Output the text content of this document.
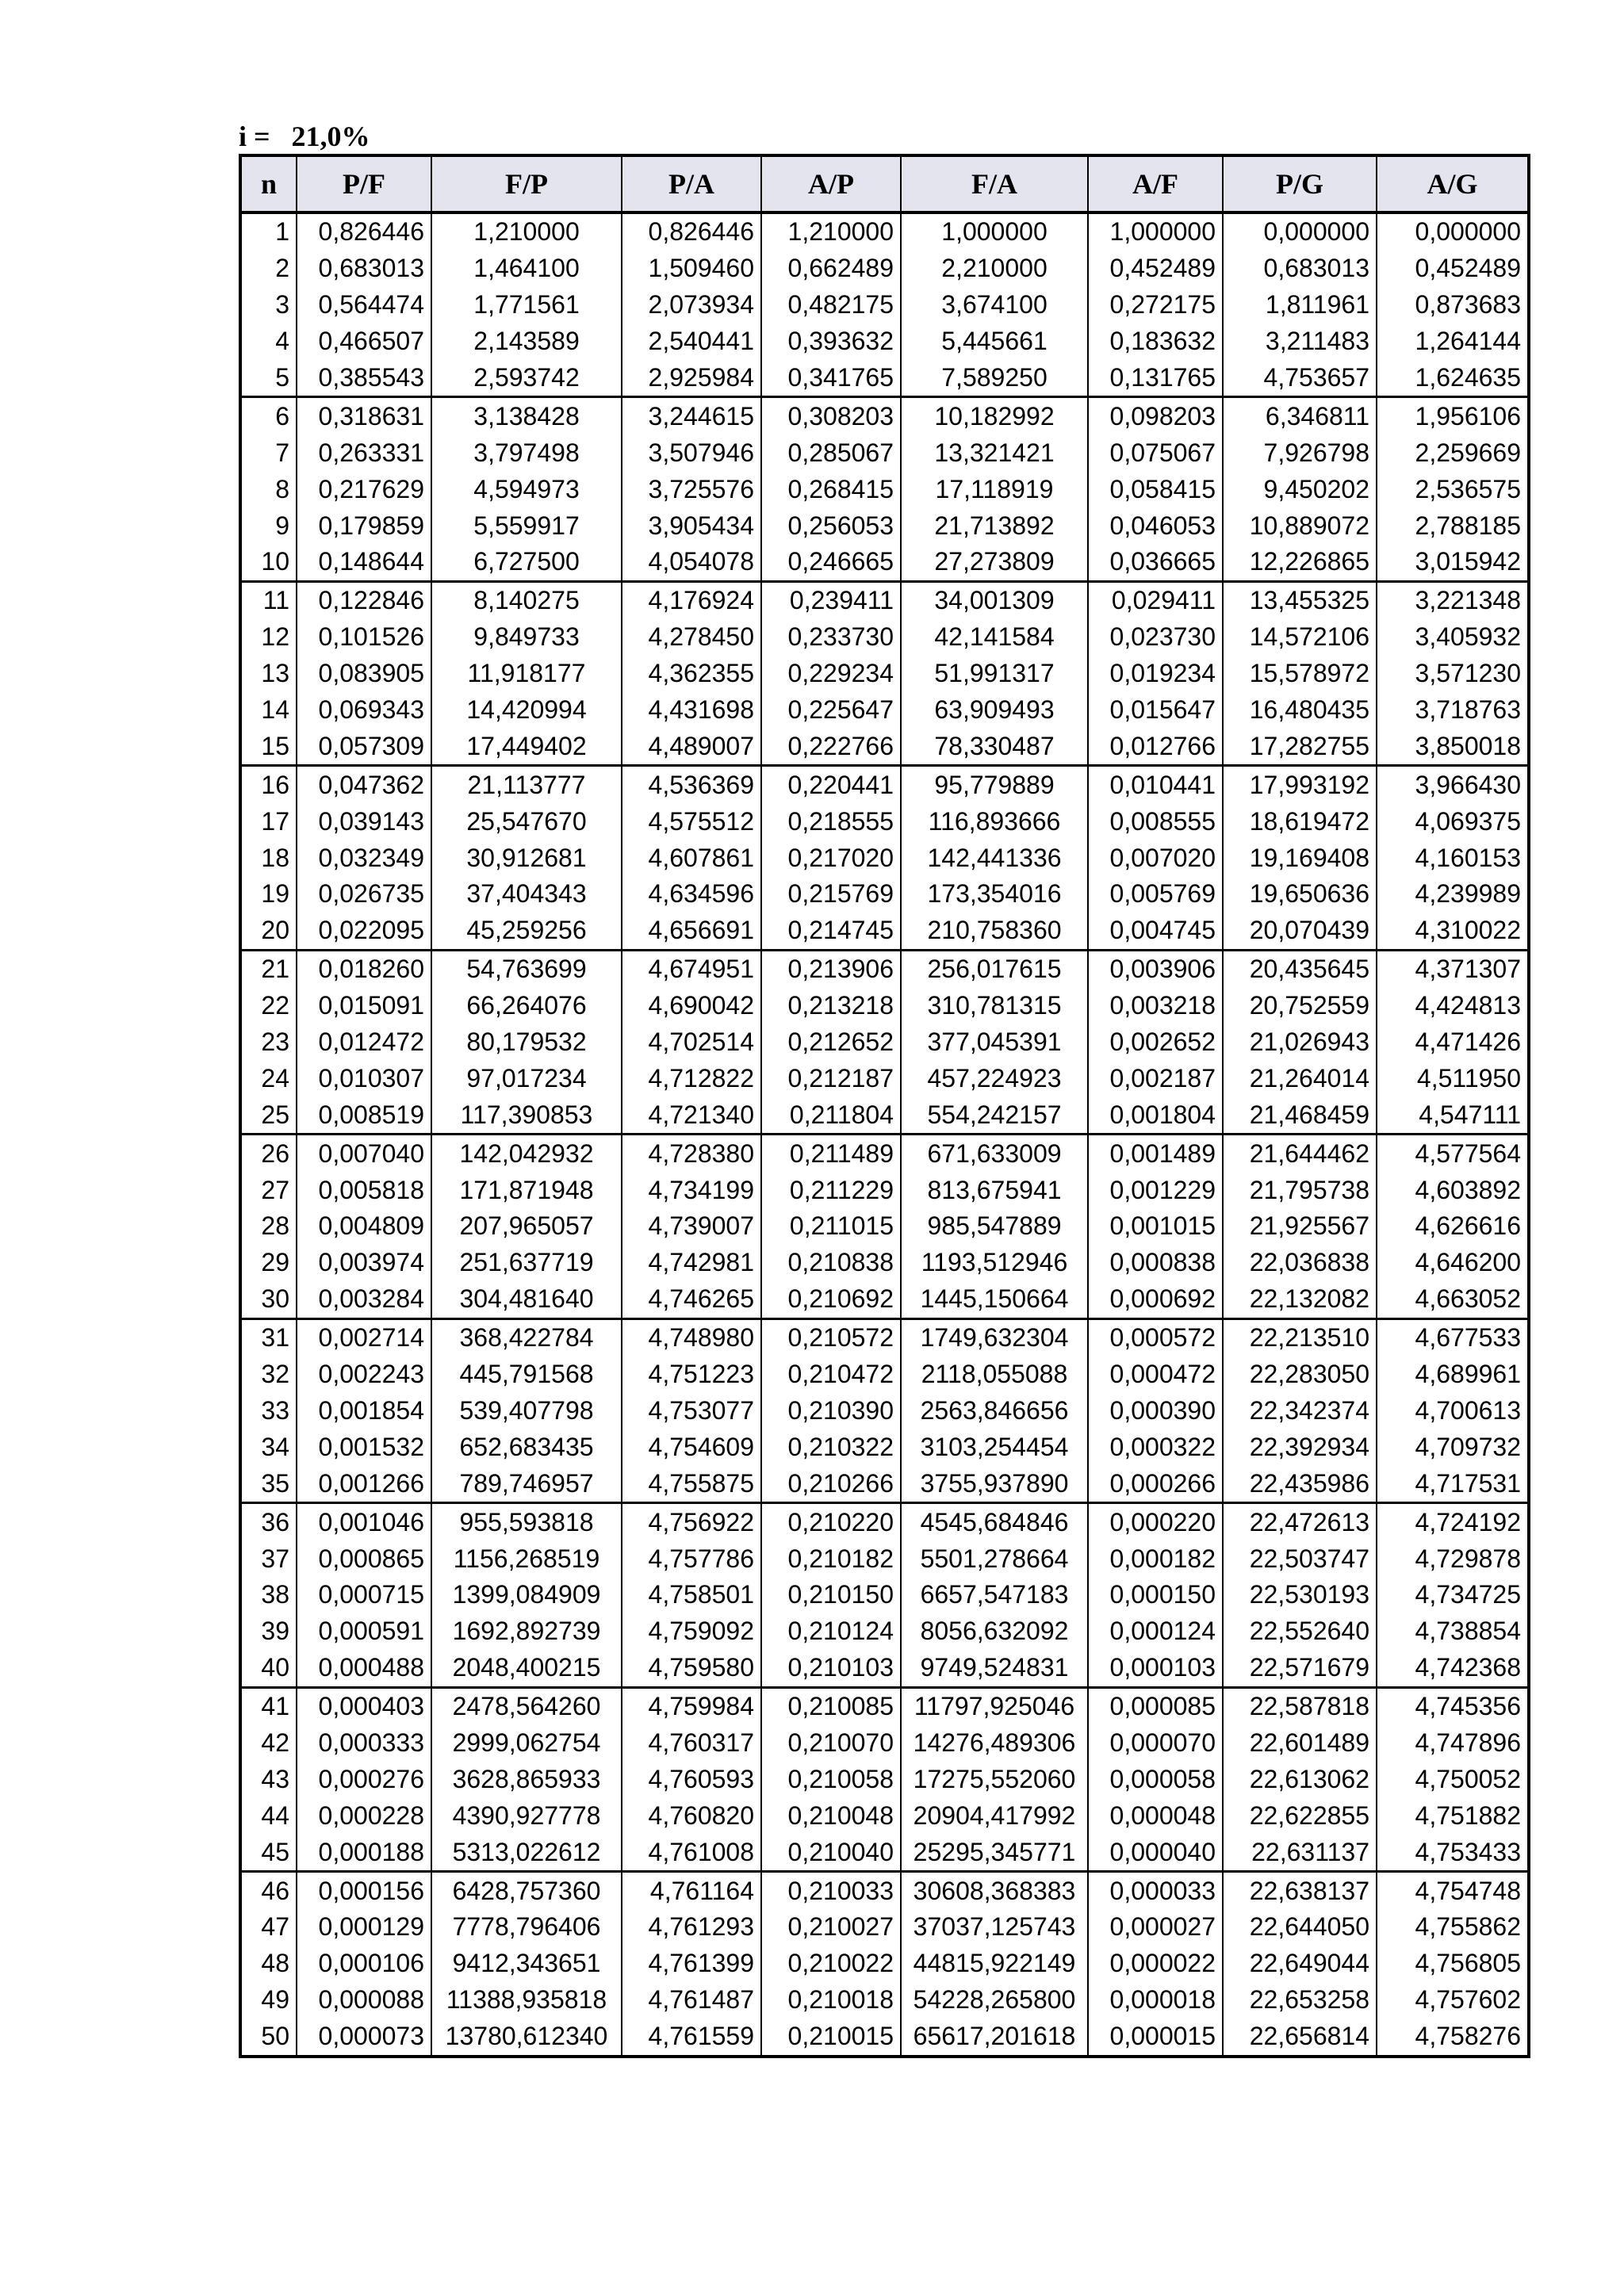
i = 21,0%
n	P/F	F/P	P/A	A/P	F/A	A/F	P/G	A/G
1	0,826446	1,210000	0,826446	1,210000	1,000000	1,000000	0,000000	0,000000
2	0,683013	1,464100	1,509460	0,662489	2,210000	0,452489	0,683013	0,452489
3	0,564474	1,771561	2,073934	0,482175	3,674100	0,272175	1,811961	0,873683
4	0,466507	2,143589	2,540441	0,393632	5,445661	0,183632	3,211483	1,264144
5	0,385543	2,593742	2,925984	0,341765	7,589250	0,131765	4,753657	1,624635
6	0,318631	3,138428	3,244615	0,308203	10,182992	0,098203	6,346811	1,956106
7	0,263331	3,797498	3,507946	0,285067	13,321421	0,075067	7,926798	2,259669
8	0,217629	4,594973	3,725576	0,268415	17,118919	0,058415	9,450202	2,536575
9	0,179859	5,559917	3,905434	0,256053	21,713892	0,046053	10,889072	2,788185
10	0,148644	6,727500	4,054078	0,246665	27,273809	0,036665	12,226865	3,015942
11	0,122846	8,140275	4,176924	0,239411	34,001309	0,029411	13,455325	3,221348
12	0,101526	9,849733	4,278450	0,233730	42,141584	0,023730	14,572106	3,405932
13	0,083905	11,918177	4,362355	0,229234	51,991317	0,019234	15,578972	3,571230
14	0,069343	14,420994	4,431698	0,225647	63,909493	0,015647	16,480435	3,718763
15	0,057309	17,449402	4,489007	0,222766	78,330487	0,012766	17,282755	3,850018
16	0,047362	21,113777	4,536369	0,220441	95,779889	0,010441	17,993192	3,966430
17	0,039143	25,547670	4,575512	0,218555	116,893666	0,008555	18,619472	4,069375
18	0,032349	30,912681	4,607861	0,217020	142,441336	0,007020	19,169408	4,160153
19	0,026735	37,404343	4,634596	0,215769	173,354016	0,005769	19,650636	4,239989
20	0,022095	45,259256	4,656691	0,214745	210,758360	0,004745	20,070439	4,310022
21	0,018260	54,763699	4,674951	0,213906	256,017615	0,003906	20,435645	4,371307
22	0,015091	66,264076	4,690042	0,213218	310,781315	0,003218	20,752559	4,424813
23	0,012472	80,179532	4,702514	0,212652	377,045391	0,002652	21,026943	4,471426
24	0,010307	97,017234	4,712822	0,212187	457,224923	0,002187	21,264014	4,511950
25	0,008519	117,390853	4,721340	0,211804	554,242157	0,001804	21,468459	4,547111
26	0,007040	142,042932	4,728380	0,211489	671,633009	0,001489	21,644462	4,577564
27	0,005818	171,871948	4,734199	0,211229	813,675941	0,001229	21,795738	4,603892
28	0,004809	207,965057	4,739007	0,211015	985,547889	0,001015	21,925567	4,626616
29	0,003974	251,637719	4,742981	0,210838	1193,512946	0,000838	22,036838	4,646200
30	0,003284	304,481640	4,746265	0,210692	1445,150664	0,000692	22,132082	4,663052
31	0,002714	368,422784	4,748980	0,210572	1749,632304	0,000572	22,213510	4,677533
32	0,002243	445,791568	4,751223	0,210472	2118,055088	0,000472	22,283050	4,689961
33	0,001854	539,407798	4,753077	0,210390	2563,846656	0,000390	22,342374	4,700613
34	0,001532	652,683435	4,754609	0,210322	3103,254454	0,000322	22,392934	4,709732
35	0,001266	789,746957	4,755875	0,210266	3755,937890	0,000266	22,435986	4,717531
36	0,001046	955,593818	4,756922	0,210220	4545,684846	0,000220	22,472613	4,724192
37	0,000865	1156,268519	4,757786	0,210182	5501,278664	0,000182	22,503747	4,729878
38	0,000715	1399,084909	4,758501	0,210150	6657,547183	0,000150	22,530193	4,734725
39	0,000591	1692,892739	4,759092	0,210124	8056,632092	0,000124	22,552640	4,738854
40	0,000488	2048,400215	4,759580	0,210103	9749,524831	0,000103	22,571679	4,742368
41	0,000403	2478,564260	4,759984	0,210085	11797,925046	0,000085	22,587818	4,745356
42	0,000333	2999,062754	4,760317	0,210070	14276,489306	0,000070	22,601489	4,747896
43	0,000276	3628,865933	4,760593	0,210058	17275,552060	0,000058	22,613062	4,750052
44	0,000228	4390,927778	4,760820	0,210048	20904,417992	0,000048	22,622855	4,751882
45	0,000188	5313,022612	4,761008	0,210040	25295,345771	0,000040	22,631137	4,753433
46	0,000156	6428,757360	4,761164	0,210033	30608,368383	0,000033	22,638137	4,754748
47	0,000129	7778,796406	4,761293	0,210027	37037,125743	0,000027	22,644050	4,755862
48	0,000106	9412,343651	4,761399	0,210022	44815,922149	0,000022	22,649044	4,756805
49	0,000088	11388,935818	4,761487	0,210018	54228,265800	0,000018	22,653258	4,757602
50	0,000073	13780,612340	4,761559	0,210015	65617,201618	0,000015	22,656814	4,758276
